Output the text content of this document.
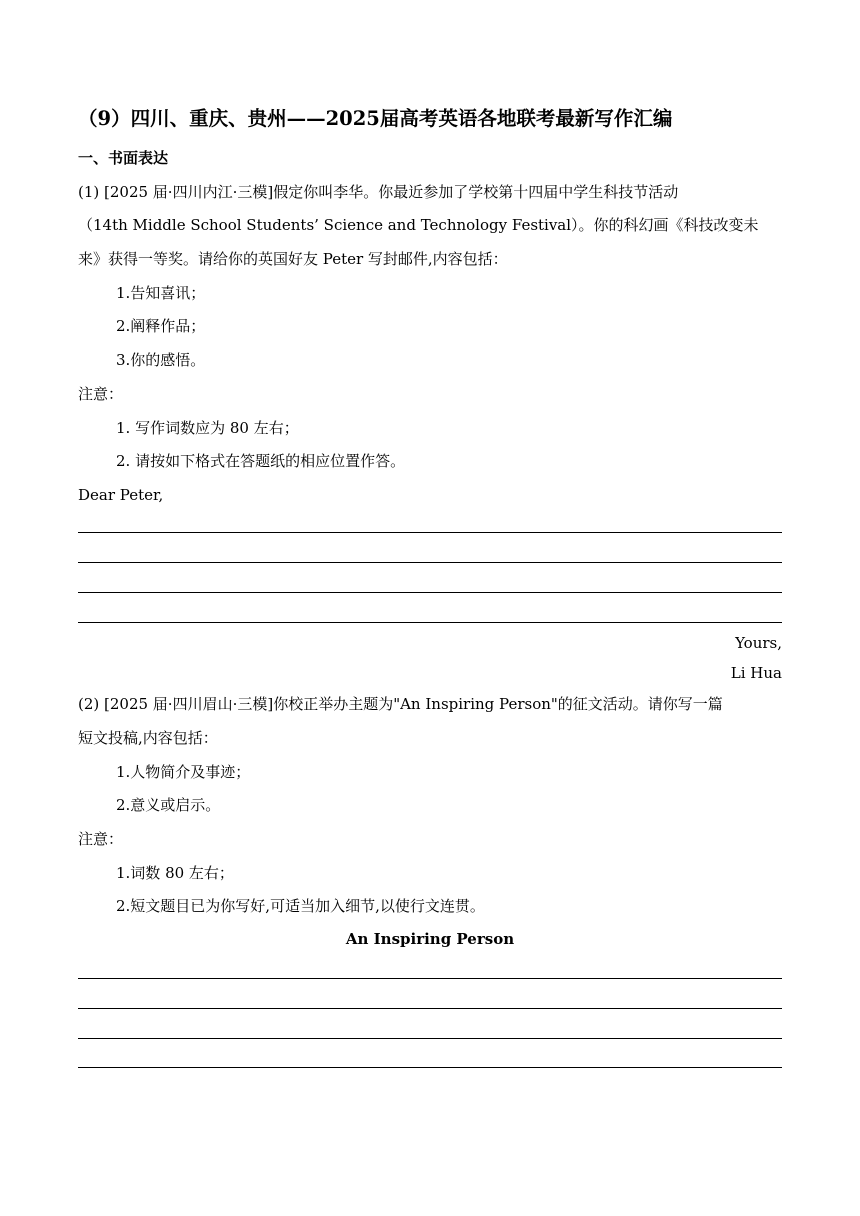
（9）四川、重庆、贵州——2025届高考英语各地联考最新写作汇编
一、书面表达
(1) [2025 届·四川内江·三模]假定你叫李华。你最近参加了学校第十四届中学生科技节活动
（14th Middle School Students’ Science and Technology Festival）。你的科幻画《科技改变未
来》获得一等奖。请给你的英国好友 Peter 写封邮件,内容包括：
1.告知喜讯；
2.阐释作品；
3.你的感悟。
注意：
1. 写作词数应为 80 左右；
2. 请按如下格式在答题纸的相应位置作答。
Dear Peter,
Yours,
Li Hua
(2) [2025 届·四川眉山·三模]你校正举办主题为"An Inspiring Person"的征文活动。请你写一篇
短文投稿,内容包括：
1.人物简介及事迹；
2.意义或启示。
注意：
1.词数 80 左右；
2.短文题目已为你写好,可适当加入细节,以使行文连贯。
An Inspiring Person
